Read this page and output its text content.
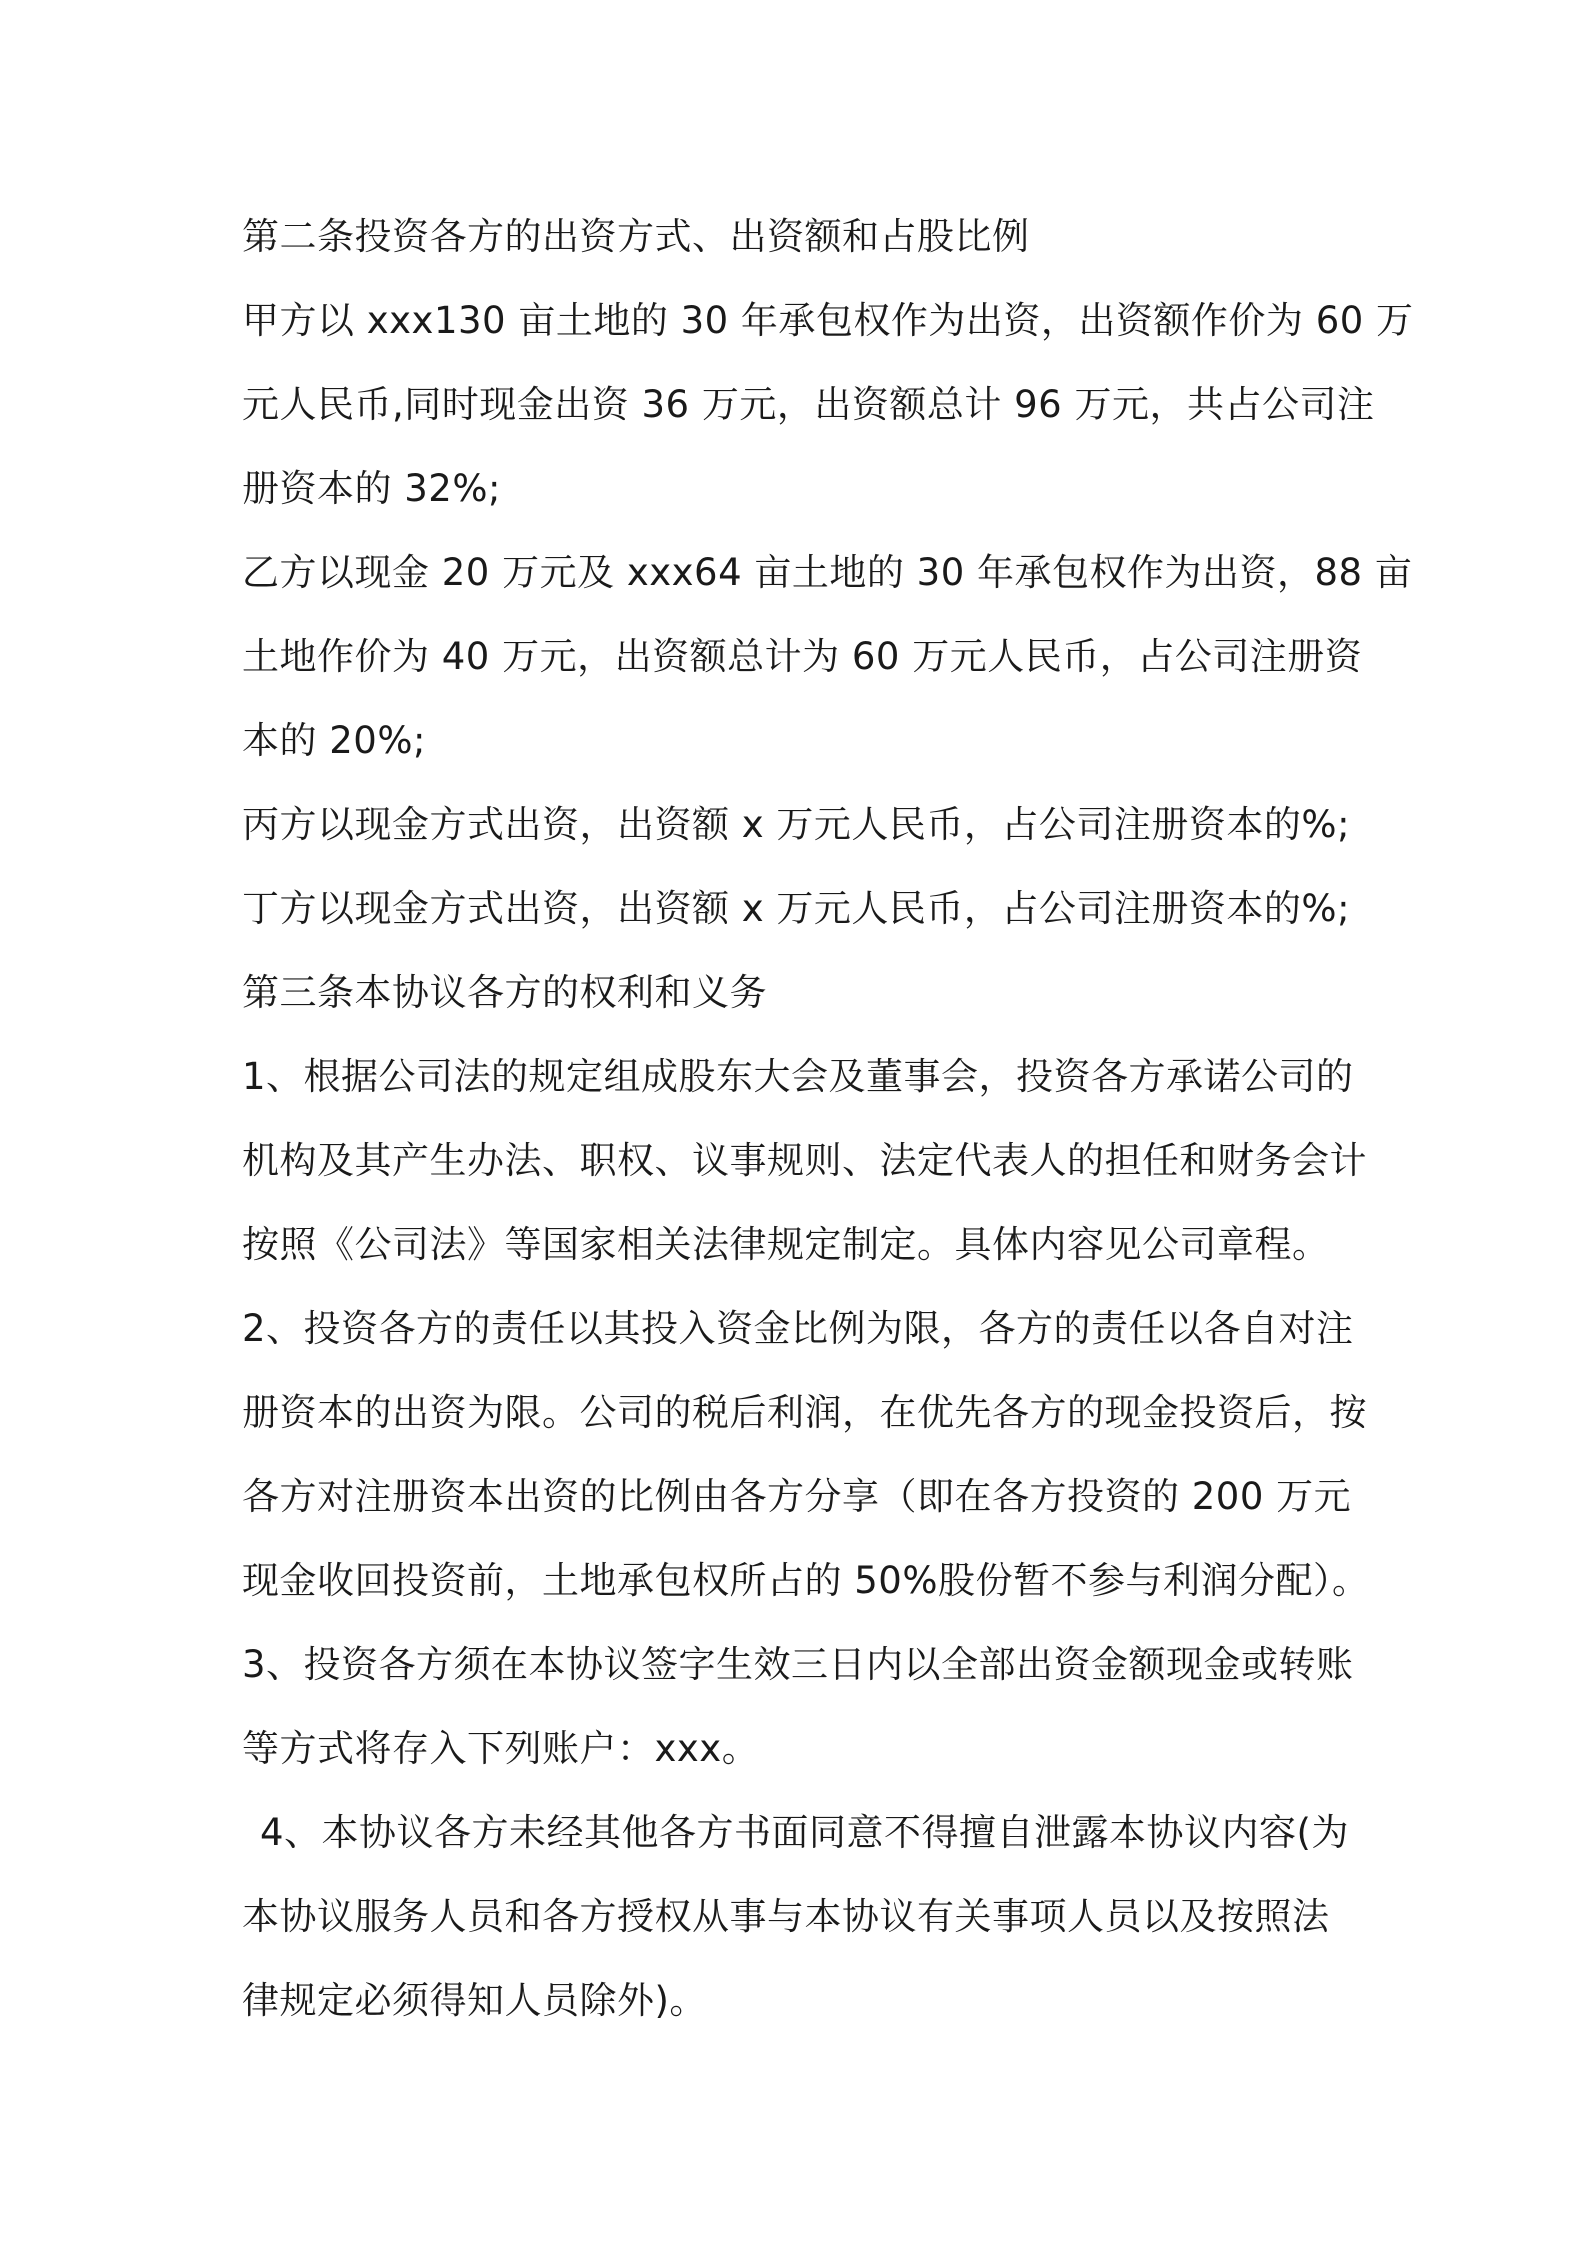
第二条投资各方的出资方式、出资额和占股比例
甲方以 xxx130 亩土地的 30 年承包权作为出资，出资额作价为 60 万
元人民币,同时现金出资 36 万元，出资额总计 96 万元，共占公司注
册资本的 32%;
乙方以现金 20 万元及 xxx64 亩土地的 30 年承包权作为出资，88 亩
土地作价为 40 万元，出资额总计为 60 万元人民币，占公司注册资
本的 20%;
丙方以现金方式出资，出资额 x 万元人民币，占公司注册资本的%;
丁方以现金方式出资，出资额 x 万元人民币，占公司注册资本的%;
第三条本协议各方的权利和义务
1、根据公司法的规定组成股东大会及董事会，投资各方承诺公司的
机构及其产生办法、职权、议事规则、法定代表人的担任和财务会计
按照《公司法》等国家相关法律规定制定。具体内容见公司章程。
2、投资各方的责任以其投入资金比例为限，各方的责任以各自对注
册资本的出资为限。公司的税后利润，在优先各方的现金投资后，按
各方对注册资本出资的比例由各方分享（即在各方投资的 200 万元
现金收回投资前，土地承包权所占的 50%股份暂不参与利润分配）。
3、投资各方须在本协议签字生效三日内以全部出资金额现金或转账
等方式将存入下列账户：xxx。
4、本协议各方未经其他各方书面同意不得擅自泄露本协议内容(为
本协议服务人员和各方授权从事与本协议有关事项人员以及按照法
律规定必须得知人员除外)。
